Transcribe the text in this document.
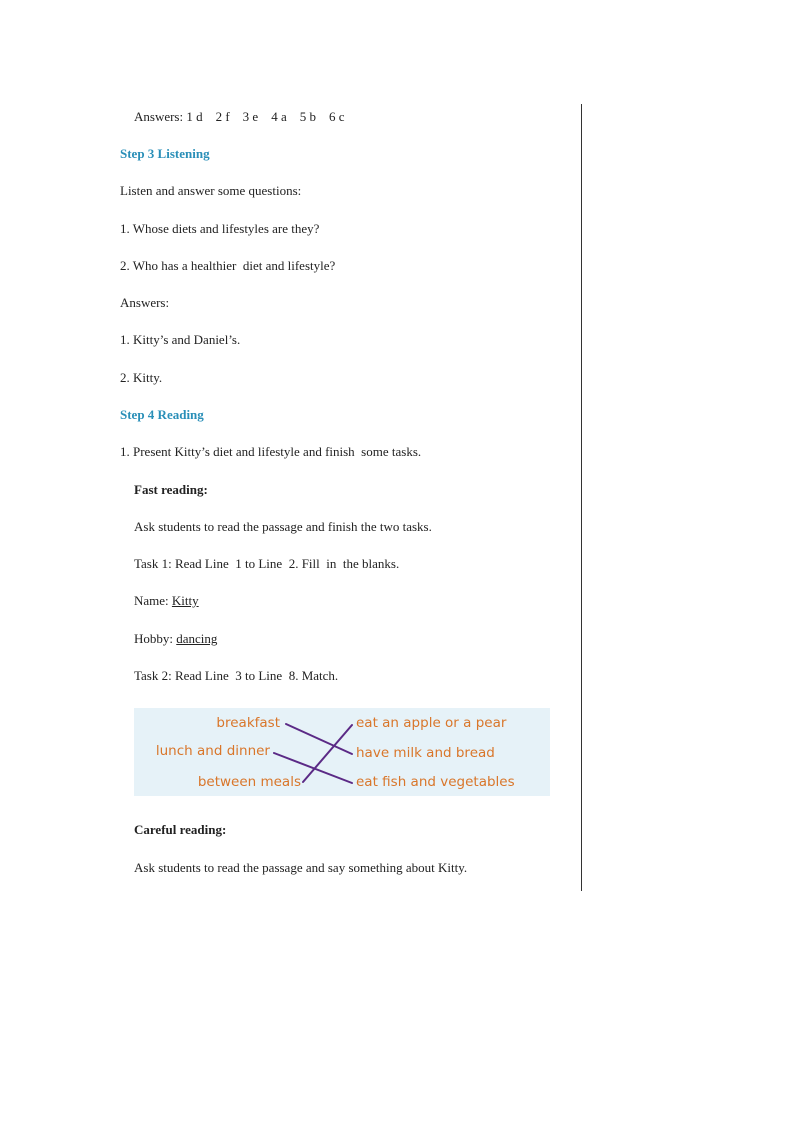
Answers: 1 d    2 f    3 e    4 a    5 b    6 c
Step 3 Listening
Listen and answer some questions:
1. Whose diets and lifestyles are they?
2. Who has a healthier  diet and lifestyle?
Answers:
1. Kitty’s and Daniel’s.
2. Kitty.
Step 4 Reading
1. Present Kitty’s diet and lifestyle and finish  some tasks.
Fast reading:
Ask students to read the passage and finish the two tasks.
Task 1: Read Line  1 to Line  2. Fill  in  the blanks.
Name: Kitty
Hobby: dancing
Task 2: Read Line  3 to Line  8. Match.
breakfast
lunch and dinner
between meals
eat an apple or a pear
have milk and bread
eat fish and vegetables
Careful reading:
Ask students to read the passage and say something about Kitty.
